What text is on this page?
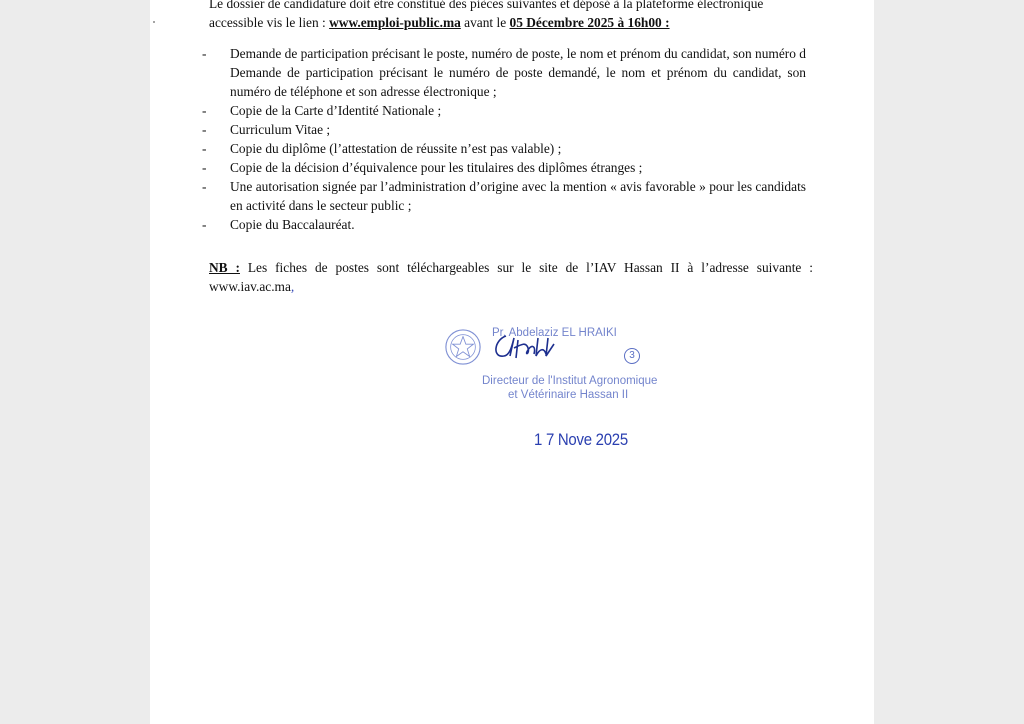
Le dossier de candidature doit être constitué des pièces suivantes et déposé à la plateforme électronique
accessible vis le lien : www.emploi-public.ma avant le 05 Décembre 2025 à 16h00 :
- Demande de participation précisant le poste, numéro de poste, le nom et prénom du candidat, son numéro d Demande de participation précisant le numéro de poste demandé, le nom et prénom du candidat, son numéro de téléphone et son adresse électronique ;
- Copie de la Carte d’Identité Nationale ;
- Curriculum Vitae ;
- Copie du diplôme (l’attestation de réussite n’est pas valable) ;
- Copie de la décision d’équivalence pour les titulaires des diplômes étranges ;
- Une autorisation signée par l’administration d’origine avec la mention « avis favorable » pour les candidats en activité dans le secteur public ;
- Copie du Baccalauréat.
NB : Les fiches de postes sont téléchargeables sur le site de l’IAV Hassan II à l’adresse suivante : www.iav.ac.ma,
Pr. Abdelaziz EL HRAIKI
3
Directeur de l'Institut Agronomique
et Vétérinaire Hassan II
1 7 Nove 2025
